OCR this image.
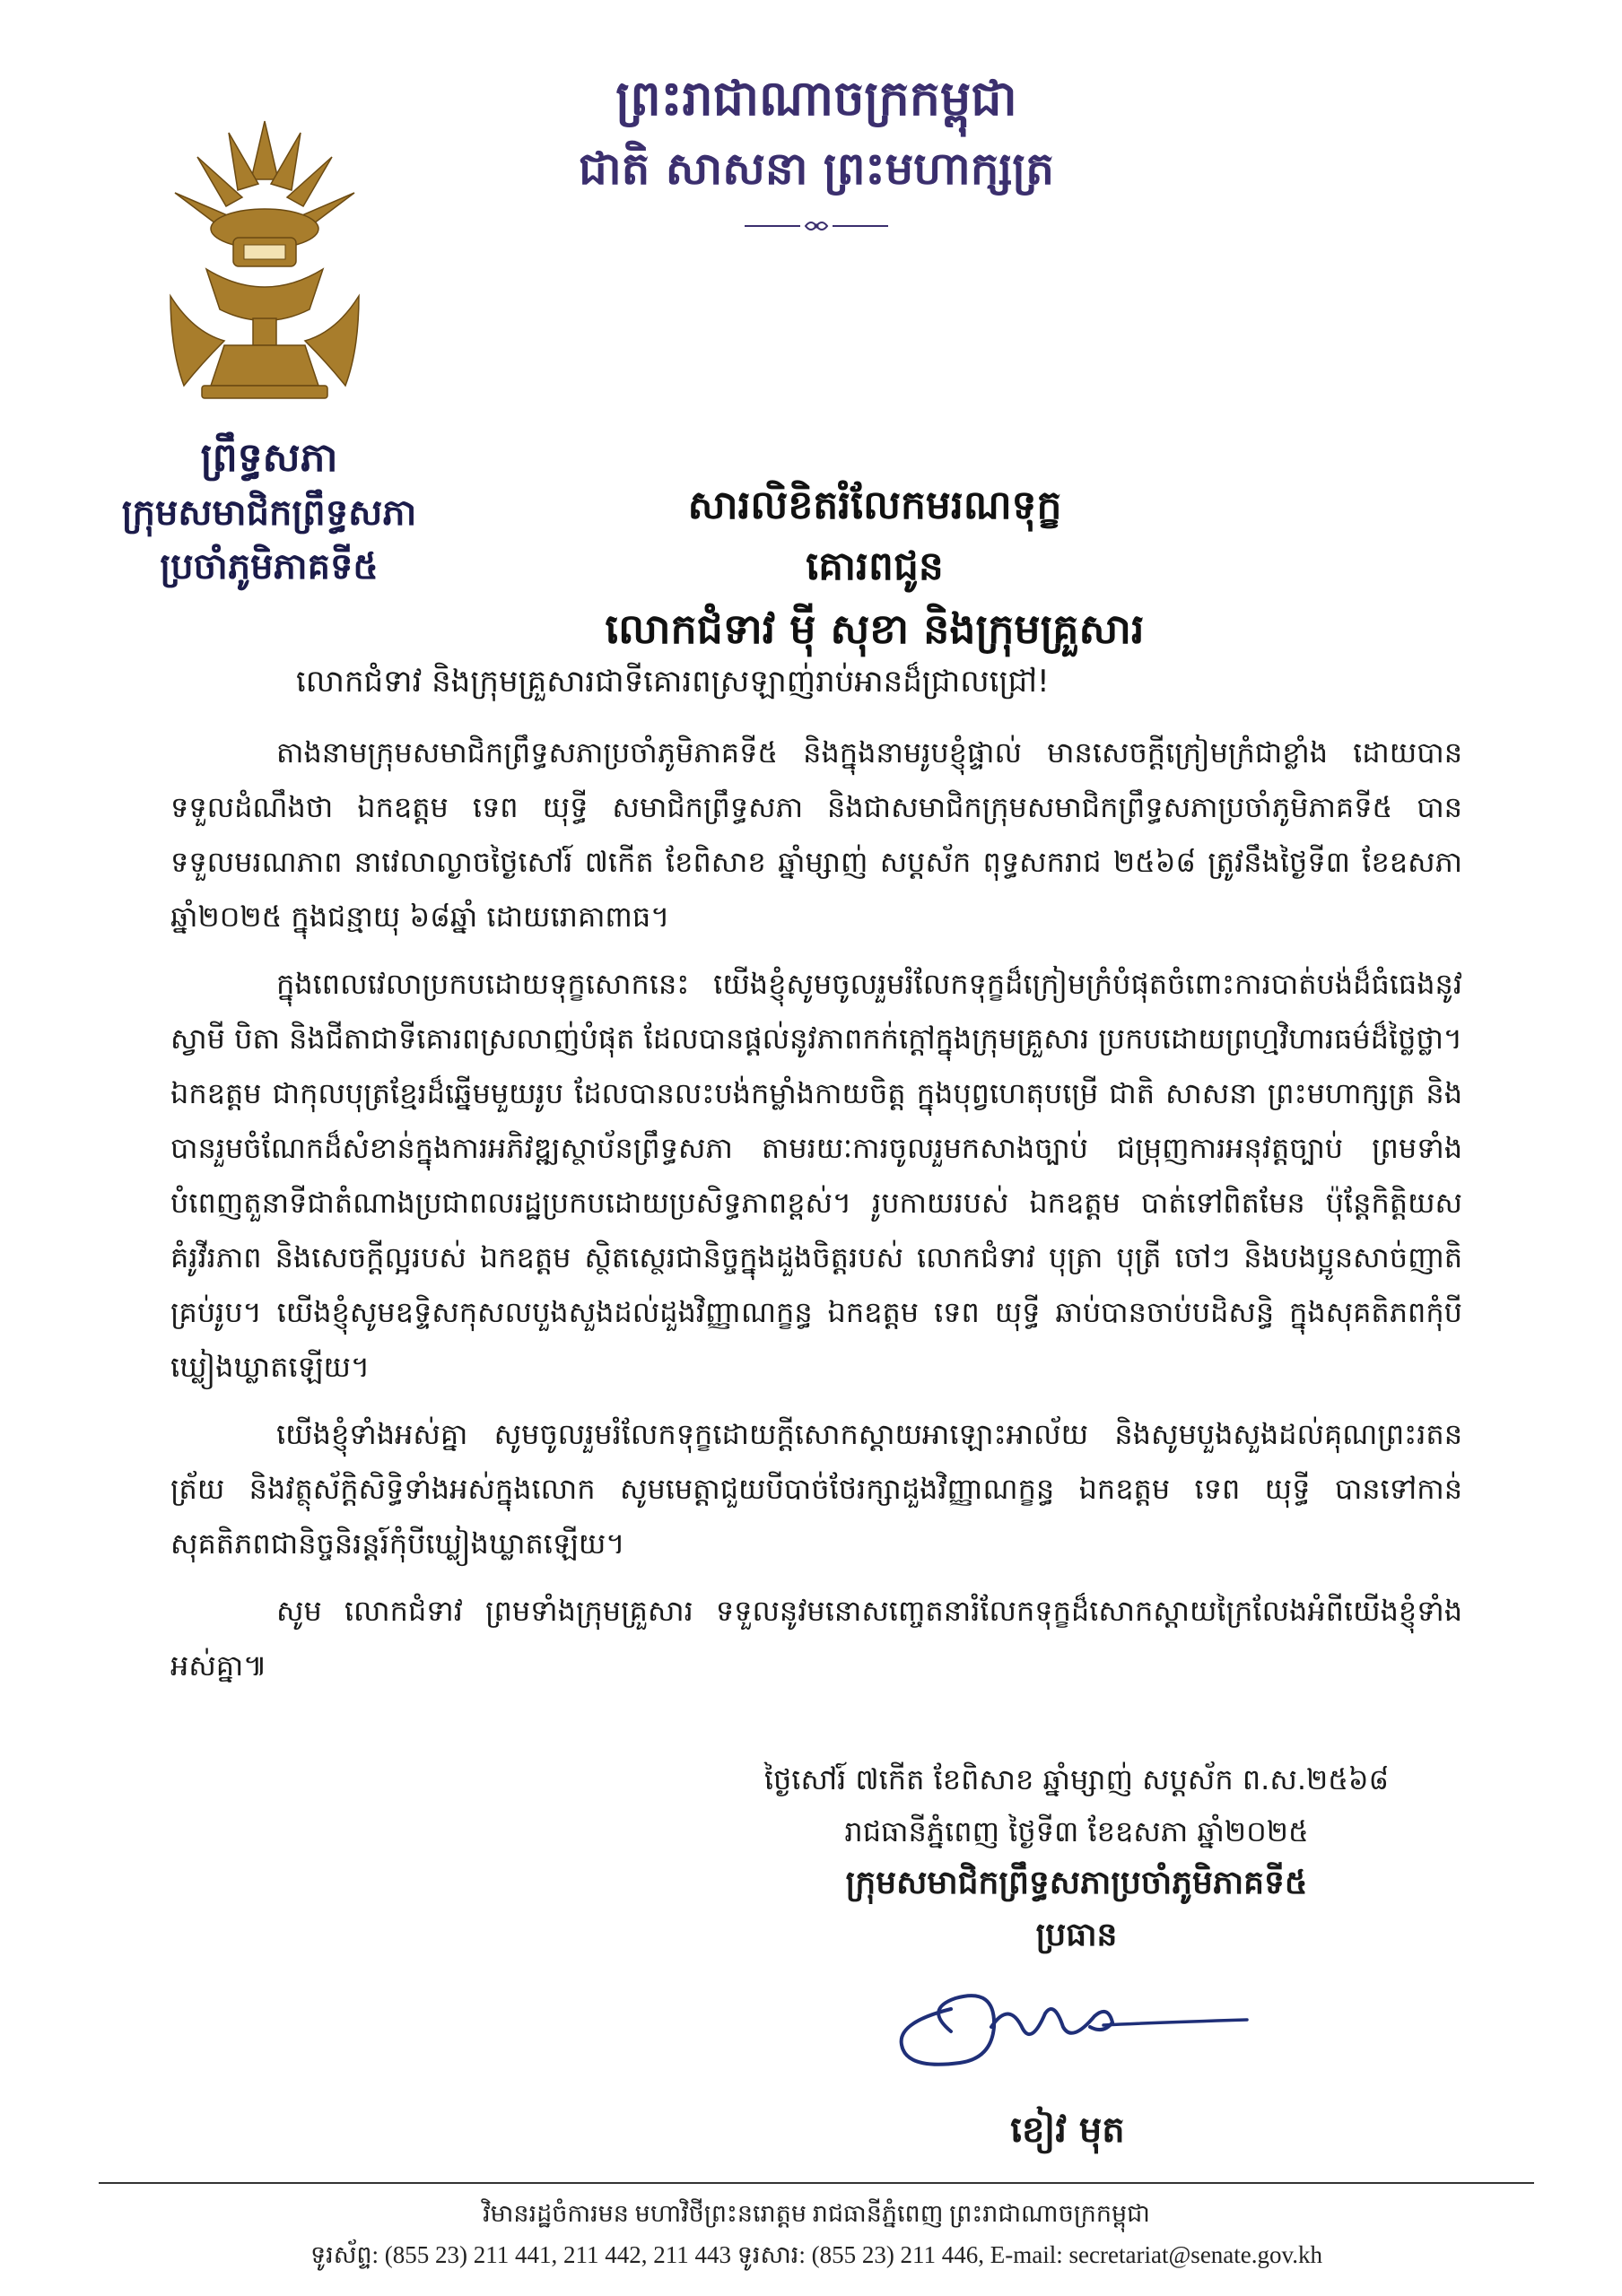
ព្រះរាជាណាចក្រកម្ពុជា
ជាតិ សាសនា ព្រះមហាក្សត្រ
ព្រឹទ្ធសភា
ក្រុមសមាជិកព្រឹទ្ធសភា
ប្រចាំភូមិភាគទី៥
សារលិខិតរំលែកមរណទុក្ខ
គោរពជូន
លោកជំទាវ ម៉ី សុខា និងក្រុមគ្រួសារ

លោកជំទាវ និងក្រុមគ្រួសារជាទីគោរពស្រឡាញ់រាប់អានដ៏ជ្រាលជ្រៅ!

តាងនាមក្រុមសមាជិកព្រឹទ្ធសភាប្រចាំភូមិភាគទី៥ និងក្នុងនាមរូបខ្ញុំផ្ទាល់ មានសេចក្តីក្រៀមក្រំជាខ្លាំង ដោយបានទទួលដំណឹងថា ឯកឧត្តម ទេព យុទ្ធី សមាជិកព្រឹទ្ធសភា និងជាសមាជិកក្រុមសមាជិកព្រឹទ្ធសភាប្រចាំភូមិភាគទី៥ បានទទួលមរណភាព នាវេលាល្ងាចថ្ងៃសៅរ៍ ៧កើត ខែពិសាខ ឆ្នាំម្សាញ់ សប្តស័ក ពុទ្ធសករាជ ២៥៦៨ ត្រូវនឹងថ្ងៃទី៣ ខែឧសភា ឆ្នាំ២០២៥ ក្នុងជន្មាយុ ៦៨ឆ្នាំ ដោយរោគាពាធ។

ក្នុងពេលវេលាប្រកបដោយទុក្ខសោកនេះ យើងខ្ញុំសូមចូលរួមរំលែកទុក្ខដ៏ក្រៀមក្រំបំផុតចំពោះការបាត់បង់ដ៏ធំធេងនូវស្វាមី បិតា និងជីតាជាទីគោរពស្រលាញ់បំផុត ដែលបានផ្តល់នូវភាពកក់ក្តៅក្នុងក្រុមគ្រួសារ ប្រកបដោយព្រហ្មវិហារធម៌ដ៏ថ្លៃថ្លា។ ឯកឧត្តម ជាកុលបុត្រខ្មែរដ៏ឆ្នើមមួយរូប ដែលបានលះបង់កម្លាំងកាយចិត្ត ក្នុងបុព្វហេតុបម្រើ ជាតិ សាសនា ព្រះមហាក្សត្រ និងបានរួមចំណែកដ៏សំខាន់ក្នុងការអភិវឌ្ឍស្ថាប័នព្រឹទ្ធសភា តាមរយៈការចូលរួមកសាងច្បាប់ ជម្រុញការអនុវត្តច្បាប់ ព្រមទាំងបំពេញតួនាទីជាតំណាងប្រជាពលរដ្ឋប្រកបដោយប្រសិទ្ធភាពខ្ពស់។ រូបកាយរបស់ ឯកឧត្តម បាត់ទៅពិតមែន ប៉ុន្តែកិត្តិយស គំរូវីរភាព និងសេចក្តីល្អរបស់ ឯកឧត្តម ស្ថិតស្ថេរជានិច្ចក្នុងដួងចិត្តរបស់ លោកជំទាវ បុត្រា បុត្រី ចៅៗ និងបងប្អូនសាច់ញាតិគ្រប់រូប។ យើងខ្ញុំសូមឧទ្ទិសកុសលបួងសួងដល់ដួងវិញ្ញាណក្ខន្ធ ឯកឧត្តម ទេព យុទ្ធី ឆាប់បានចាប់បដិសន្ធិ ក្នុងសុគតិភពកុំបីឃ្លៀងឃ្លាតឡើយ។

យើងខ្ញុំទាំងអស់គ្នា សូមចូលរួមរំលែកទុក្ខដោយក្តីសោកស្តាយអាឡោះអាល័យ និងសូមបួងសួងដល់គុណព្រះរតនត្រ័យ និងវត្ថុស័ក្តិសិទ្ធិទាំងអស់ក្នុងលោក សូមមេត្តាជួយបីបាច់ថែរក្សាដួងវិញ្ញាណក្ខន្ធ ឯកឧត្តម ទេព យុទ្ធី បានទៅកាន់សុគតិភពជានិច្ចនិរន្តរ៍កុំបីឃ្លៀងឃ្លាតឡើយ។

សូម លោកជំទាវ ព្រមទាំងក្រុមគ្រួសារ ទទួលនូវមនោសញ្ចេតនារំលែកទុក្ខដ៏សោកស្តាយក្រៃលែងអំពីយើងខ្ញុំទាំងអស់គ្នា៕

ថ្ងៃសៅរ៍ ៧កើត ខែពិសាខ ឆ្នាំម្សាញ់ សប្តស័ក ព.ស.២៥៦៨
រាជធានីភ្នំពេញ ថ្ងៃទី៣ ខែឧសភា ឆ្នាំ២០២៥
ក្រុមសមាជិកព្រឹទ្ធសភាប្រចាំភូមិភាគទី៥
ប្រធាន
ខៀវ មុត
វិមានរដ្ឋចំការមន មហាវិថីព្រះនរោត្តម រាជធានីភ្នំពេញ ព្រះរាជាណាចក្រកម្ពុជា
ទូរស័ព្ទ: (855 23) 211 441, 211 442, 211 443 ទូរសារ: (855 23) 211 446, E-mail: secretariat@senate.gov.kh
